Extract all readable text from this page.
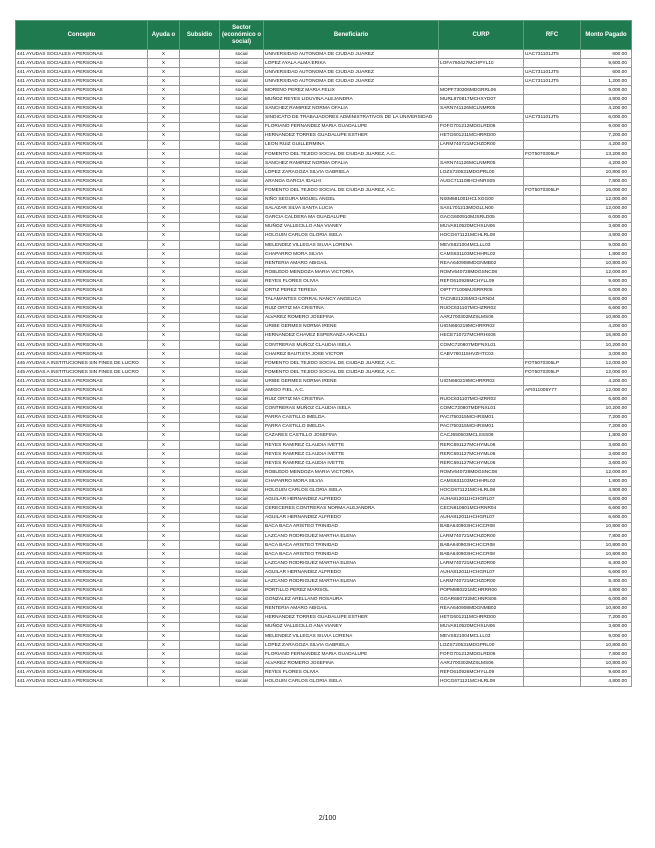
Concepto	Ayuda o	Subsidio	Sector (económico o social)	Beneficiario	CURP	RFC	Monto Pagado
441 AYUDAS SOCIALES A PERSONAS	X		social	UNIVERSIDAD AUTONOMA DE CIUDAD JUAREZ		UAC731101JT5	600.00
441 AYUDAS SOCIALES A PERSONAS	X		social	LOPEZ AYALA ALMA ERIKA	LOFA760427MCHPYL10		9,600.00
441 AYUDAS SOCIALES A PERSONAS	X		social	UNIVERSIDAD AUTONOMA DE CIUDAD JUAREZ		UAC731101JT5	600.00
441 AYUDAS SOCIALES A PERSONAS	X		social	UNIVERSIDAD AUTONOMA DE CIUDAD JUAREZ		UAC731101JT5	1,200.00
441 AYUDAS SOCIALES A PERSONAS	X		social	MORENO PEREZ MARIA FELIX	MOPF730306MDGRRL06		9,000.00
441 AYUDAS SOCIALES A PERSONAS	X		social	MUÑOZ REYES LIDUVINA ALEJANDRA	MURL870817MCHXYD07		4,800.00
441 AYUDAS SOCIALES A PERSONAS	X		social	SANCHEZ RAMIREZ NORMA OFALIA	SARN741126MCLNMR05		4,200.00
441 AYUDAS SOCIALES A PERSONAS	X		social	SINDICATO DE TRABAJADORES ADMINISTRATIVOS DE LA UNIVERSIDAD		UAC731101JT5	6,000.00
441 AYUDAS SOCIALES A PERSONAS	X		social	FLORIANO FERNANDEZ MARIA GUADALUPE	FOFG701212MDGLRD06		9,000.00
441 AYUDAS SOCIALES A PERSONAS	X		social	HERNANDEZ TORRES GUADALUPE ESTHER	HETG601211MCHRRD00		7,200.00
441 AYUDAS SOCIALES A PERSONAS	X		social	LEON RUIZ GUILLERMINA	LARM740721MCHZDR00		4,200.00
441 AYUDAS SOCIALES A PERSONAS	X		social	FOMENTO DEL TEJIDO SOCIAL DE CIUDAD JUAREZ, A.C.		FOT5070305LP	13,200.00
441 AYUDAS SOCIALES A PERSONAS	X		social	SANCHEZ RAMIREZ NORMA OFALIA	SARN741126MCLNMR05		4,200.00
441 AYUDAS SOCIALES A PERSONAS	X		social	LOPEZ ZARAGOZA SILVIA GABRIELA	LOZS720531MDGPRL00		10,800.00
441 AYUDAS SOCIALES A PERSONAS	X		social	ARANDA GARCIA IDALHI	AUGC711108HCHNRS05		7,800.00
441 AYUDAS SOCIALES A PERSONAS	X		social	FOMENTO DEL TEJIDO SOCIAL DE CIUDAD JUAREZ, A.C.		FOT5070305LP	15,000.00
441 AYUDAS SOCIALES A PERSONAS	X		social	NIÑO SEGURA MIGUEL ANGEL	NISM681001HCLXGG00		12,000.00
441 AYUDAS SOCIALES A PERSONAS	X		social	SALAZAR SILVA SANTA LUCIA	SASL701213MDGLLN00		12,000.00
441 AYUDAS SOCIALES A PERSONAS	X		social	GARCIA CALDERA MA GUADALUPE	GACG600910MJSRLD05		6,000.00
441 AYUDAS SOCIALES A PERSONAS	X		social	MUÑOZ VALLECILLO ANA VIANEY	MUVA910520MCHXLN06		3,600.00
441 AYUDAS SOCIALES A PERSONAS	X		social	HOLGUIN CARLOS GLORIA ISELA	HOCG671121MCHLRL08		4,800.00
441 AYUDAS SOCIALES A PERSONAS	X		social	MELENDEZ VILLEGAS SILVIA LORENA	MEVS621004MCLLL03		9,000.00
441 AYUDAS SOCIALES A PERSONAS	X		social	CHAPARRO MORA SILVIA	CAMS631103MCHHRL02		1,800.00
441 AYUDAS SOCIALES A PERSONAS	X		social	RENTERIA AMARO ABIGAIL	REAA640908MDGNMB02		10,800.00
441 AYUDAS SOCIALES A PERSONAS	X		social	ROBLEDO MENDOZA MARIA VICTORIA	ROMV640728MDGSNC08		12,000.00
441 AYUDAS SOCIALES A PERSONAS	X		social	REYES FLORES OLIVIA	REFO610926MCHYLL09		9,600.00
441 AYUDAS SOCIALES A PERSONAS	X		social	ORTIZ PEREZ TERESA	OIPT771006MJSRRR05		6,000.00
441 AYUDAS SOCIALES A PERSONAS	X		social	TALAMANTES CORRAL NANCY ANGELICA	TACN821225MCHLRN04		6,600.00
441 AYUDAS SOCIALES A PERSONAS	X		social	RUIZ ORTIZ MA CRISTINA	RUOC631107MCHZRR02		6,600.00
441 AYUDAS SOCIALES A PERSONAS	X		social	ALVAREZ ROMERO JOSEFINA	AARJ700302MZSLMS06		10,800.00
441 AYUDAS SOCIALES A PERSONAS	X		social	URIBE GERMES NORMA IRENE	UIGN660219MCHRRR02		4,200.00
441 AYUDAS SOCIALES A PERSONAS	X		social	HERNANDEZ CHAVEZ ESPERANZA ARACELI	HECE710727MCHRHS06		16,800.00
441 AYUDAS SOCIALES A PERSONAS	X		social	CONTRERAS MUÑOZ CLAUDIA ISELA	COMC720807MDFNXL01		10,200.00
441 AYUDAS SOCIALES A PERSONAS	X		social	CHAIREZ BAUTISTA JOSE VICTOR	CABV780115HVZHTC03		3,000.00
445 AYUDAS A INSTITUCIONES SIN FINES DE LUCRO	X		social	FOMENTO DEL TEJIDO SOCIAL DE CIUDAD JUAREZ, A.C.		FOT5070305LP	12,000.00
445 AYUDAS A INSTITUCIONES SIN FINES DE LUCRO	X		social	FOMENTO DEL TEJIDO SOCIAL DE CIUDAD JUAREZ, A.C.		FOT5070305LP	12,000.00
441 AYUDAS SOCIALES A PERSONAS	X		social	URIBE GERMES NORMA IRENE	UIGN660219MCHRRR02		4,200.00
441 AYUDAS SOCIALES A PERSONAS	X		social	AMIGO FIEL, A.C.		AFI011005Y77	12,000.00
441 AYUDAS SOCIALES A PERSONAS	X		social	RUIZ ORTIZ MA CRISTINA	RUOC631107MCHZRR02		6,600.00
441 AYUDAS SOCIALES A PERSONAS	X		social	CONTRERAS MUÑOZ CLAUDIA ISELA	COMC720807MDFNXL01		10,200.00
441 AYUDAS SOCIALES A PERSONAS	X		social	PARRA CASTILLO IMELDA	PACI750315MCHRSM01		7,200.00
441 AYUDAS SOCIALES A PERSONAS	X		social	PARRA CASTILLO IMELDA	PACI750315MCHRSM01		7,200.00
441 AYUDAS SOCIALES A PERSONAS	X		social	CAZARES CASTILLO JOSEFINA	CACJ650503MCLSSS06		1,800.00
441 AYUDAS SOCIALES A PERSONAS	X		social	REYES RAMIREZ CLAUDIA IVETTE	RERC691127MCHYML06		3,600.00
441 AYUDAS SOCIALES A PERSONAS	X		social	REYES RAMIREZ CLAUDIA IVETTE	RERC691127MCHYML06		3,600.00
441 AYUDAS SOCIALES A PERSONAS	X		social	REYES RAMIREZ CLAUDIA IVETTE	RERC691127MCHYML06		3,600.00
441 AYUDAS SOCIALES A PERSONAS	X		social	ROBLEDO MENDOZA MARIA VICTORIA	ROMV640728MDGSNC08		12,000.00
441 AYUDAS SOCIALES A PERSONAS	X		social	CHAPARRO MORA SILVIA	CAMS631103MCHHRL02		1,800.00
441 AYUDAS SOCIALES A PERSONAS	X		social	HOLGUIN CARLOS GLORIA ISELA	HOCG671121MCHLRL08		4,800.00
441 AYUDAS SOCIALES A PERSONAS	X		social	AGUILAR HERNANDEZ ALFREDO	AUHA812011HCHGRL07		6,600.00
441 AYUDAS SOCIALES A PERSONAS	X		social	CERECERES CONTRERAS NORMA ALEJANDRA	CECN810601MCHRNR04		6,600.00
441 AYUDAS SOCIALES A PERSONAS	X		social	AGUILAR HERNANDEZ ALFREDO	AUHA812011HCHGRL07		6,600.00
441 AYUDAS SOCIALES A PERSONAS	X		social	BACA BACA ARISTEO TRINIDAD	BABA640903HCHCCR08		10,800.00
441 AYUDAS SOCIALES A PERSONAS	X		social	LAZCANO RODRIGUEZ MARTHA ELENA	LARM740721MCHZDR00		7,800.00
441 AYUDAS SOCIALES A PERSONAS	X		social	BACA BACA ARISTEO TRINIDAD	BABA640903HCHCCR08		10,800.00
441 AYUDAS SOCIALES A PERSONAS	X		social	BACA BACA ARISTEO TRINIDAD	BABA640903HCHCCR08		10,800.00
441 AYUDAS SOCIALES A PERSONAS	X		social	LAZCANO RODRIGUEZ MARTHA ELENA	LARM740721MCHZDR00		8,400.00
441 AYUDAS SOCIALES A PERSONAS	X		social	AGUILAR HERNANDEZ ALFREDO	AUHA812011HCHGRL07		6,600.00
441 AYUDAS SOCIALES A PERSONAS	X		social	LAZCANO RODRIGUEZ MARTHA ELENA	LARM740721MCHZDR00		8,400.00
441 AYUDAS SOCIALES A PERSONAS	X		social	PORTILLO PEREZ MARISOL	POPM880221MCHRRR00		4,800.00
441 AYUDAS SOCIALES A PERSONAS	X		social	GONZALEZ ARELLANO ROSAURA	GOAR650722MCHNRS06		6,000.00
441 AYUDAS SOCIALES A PERSONAS	X		social	RENTERIA AMARO ABIGAIL	REAA640908MDGNMB02		10,800.00
441 AYUDAS SOCIALES A PERSONAS	X		social	HERNANDEZ TORRES GUADALUPE ESTHER	HETG601211MCHRRD00		7,200.00
441 AYUDAS SOCIALES A PERSONAS	X		social	MUÑOZ VALLECILLO ANA VIANEY	MUVA910520MCHXLN06		3,600.00
441 AYUDAS SOCIALES A PERSONAS	X		social	MELENDEZ VILLEGAS SILVIA LORENA	MEVS621004MCLLL03		9,000.00
441 AYUDAS SOCIALES A PERSONAS	X		social	LOPEZ ZARAGOZA SILVIA GABRIELA	LOZS720531MDGPRL00		10,800.00
441 AYUDAS SOCIALES A PERSONAS	X		social	FLORIANO FERNANDEZ MARIA GUADALUPE	FOFG701212MDGLRD06		7,800.00
441 AYUDAS SOCIALES A PERSONAS	X		social	ALVAREZ ROMERO JOSEFINA	AARJ700302MZSLMS06		10,800.00
441 AYUDAS SOCIALES A PERSONAS	X		social	REYES FLORES OLIVIA	REFO610926MCHYLL09		9,600.00
441 AYUDAS SOCIALES A PERSONAS	X		social	HOLGUIN CARLOS GLORIA ISELA	HOCG671121MCHLRL08		4,800.00
2/100
